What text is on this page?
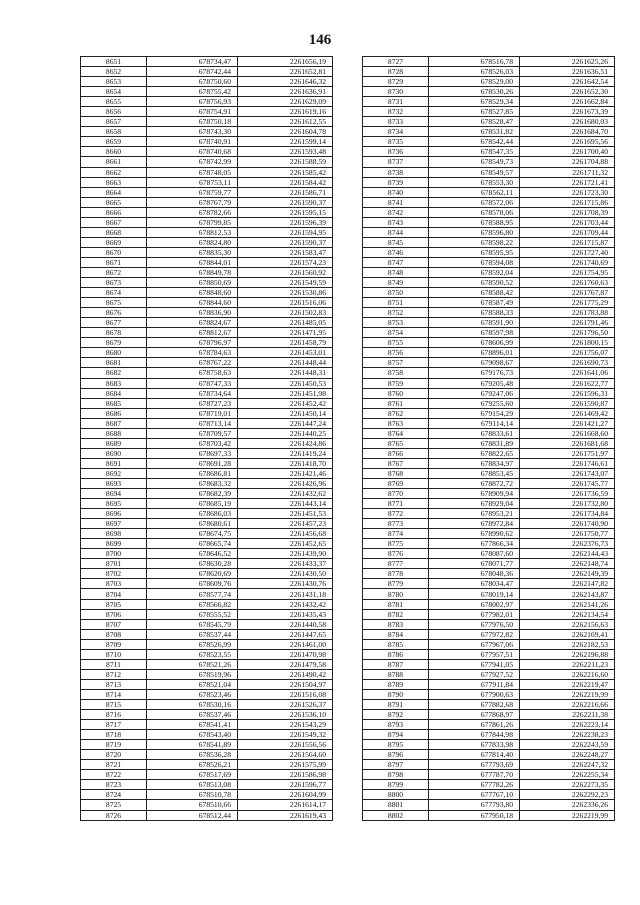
146
8651	678734,47	2261656,19
8652	678742,44	2261652,81
8653	678750,60	2261646,32
8654	678755,42	2261636,91
8655	678756,93	2261629,09
8656	678754,91	2261619,16
8657	678750,18	2261612,55
8658	678743,30	2261604,78
8659	678740,91	2261599,14
8660	678740,68	2261593,48
8661	678742,99	2261588,59
8662	678748,05	2261585,42
8663	678753,11	2261584,42
8664	678759,77	2261586,71
8665	678767,79	2261590,37
8666	678782,66	2261595,15
8667	678799,85	2261596,39
8668	678812,53	2261594,95
8669	678824,80	2261590,37
8670	678835,30	2261583,47
8671	678844,01	2261574,23
8672	678849,78	2261560,92
8673	678850,69	2261549,59
8674	678848,60	2261530,86
8675	678844,60	2261516,06
8676	678836,90	2261502,83
8677	678824,67	2261485,05
8678	678812,67	2261471,95
8679	678796,97	2261458,79
8680	678784,63	2261453,01
8681	678767,22	2261448,44
8682	678758,63	2261448,31
8683	678747,33	2261450,53
8684	678734,64	2261451,98
8685	678727,23	2261452,42
8686	678719,01	2261450,14
8687	678713,14	2261447,24
8688	678709,57	2261440,25
8689	678703,42	2261424,86
8690	678697,33	2261419,24
8691	678691,28	2261418,70
8692	678686,81	2261421,46
8693	678683,32	2261426,96
8694	678682,39	2261432,62
8695	678685,19	2261443,14
8696	678686,03	2261451,53
8697	678680,61	2261457,23
8698	678674,75	2261456,68
8699	678665,74	2261452,65
8700	678646,52	2261439,90
8701	678630,28	2261433,37
8702	678620,69	2261430,50
8703	678609,76	2261430,76
8704	678577,74	2261431,18
8705	678566,82	2261432,42
8706	678555,52	2261435,43
8707	678545,79	2261440,58
8708	678537,44	2261447,65
8709	678526,99	2261461,00
8710	678523,55	2261470,98
8711	678521,26	2261479,58
8712	678519,96	2261490,42
8713	678521,04	2261504,97
8714	678523,46	2261516,08
8715	678530,16	2261526,37
8716	678537,46	2261536,10
8717	678541,41	2261543,29
8718	678543,40	2261549,32
8719	678541,89	2261556,56
8720	678536,28	2261564,60
8721	678526,21	2261575,99
8722	678517,69	2261586,98
8723	678513,08	2261596,77
8724	678510,78	2261604,99
8725	678510,66	2261614,17
8726	678512,44	2261619,43
8727	678516,78	2261625,26
8728	678526,03	2261636,51
8729	678529,00	2261642,54
8730	678530,26	2261652,30
8731	678529,34	2261662,84
8732	678527,85	2261673,39
8733	678528,47	2261680,03
8734	678531,82	2261684,70
8735	678542,44	2261695,56
8736	678547,35	2261700,40
8737	678549,73	2261704,88
8738	678549,57	2261711,32
8739	678553,30	2261721,41
8740	678562,11	2261723,30
8741	678572,06	2261715,86
8742	678578,06	2261708,39
8743	678588,95	2261703,44
8744	678596,80	2261709,44
8745	678598,22	2261715,87
8746	678595,95	2261727,40
8747	678594,08	2261740,69
8748	678592,04	2261754,95
8749	678590,52	2261760,63
8750	678588,42	2261767,87
8751	678587,49	2261775,29
8752	678588,33	2261783,88
8753	678591,90	2261791,46
8754	678597,98	2261796,50
8755	678606,99	2261800,15
8756	678896,01	2261756,07
8757	679098,67	2261690,73
8758	679176,73	2261641,06
8759	679205,48	2261622,77
8760	679247,06	2261596,31
8761	679255,60	2261590,87
8762	679154,29	2261469,42
8763	679114,14	2261421,27
8764	678833,61	2261668,60
8765	678831,89	2261681,68
8766	678822,65	2261751,97
8767	678834,97	2261746,61
8768	678853,45	2261743,07
8769	678872,72	2261745,77
8770	678909,94	2261736,59
8771	678929,04	2261732,80
8772	678953,21	2261734,84
8773	678972,84	2261740,90
8774	678990,62	2261750,77
8775	677866,34	2262376,73
8776	678087,60	2262144,43
8777	678071,77	2262148,74
8778	678048,36	2262149,39
8779	678034,47	2262147,82
8780	678019,14	2262143,87
8781	678002,97	2262141,26
8782	677982,01	2262134,54
8783	677976,50	2262156,63
8784	677972,82	2262169,41
8785	677967,06	2262182,53
8786	677957,51	2262196,88
8787	677941,05	2262211,23
8788	677927,52	2262216,60
8789	677911,84	2262219,47
8790	677900,63	2262219,99
8791	677882,68	2262216,66
8792	677868,97	2262211,38
8793	677861,26	2262223,14
8794	677844,98	2262238,23
8795	677833,98	2262243,59
8796	677814,40	2262248,27
8797	677793,69	2262247,32
8798	677787,70	2262255,34
8799	677782,26	2262273,35
8800	677767,10	2262292,23
8801	677793,80	2262336,26
8802	677950,18	2262219,99
